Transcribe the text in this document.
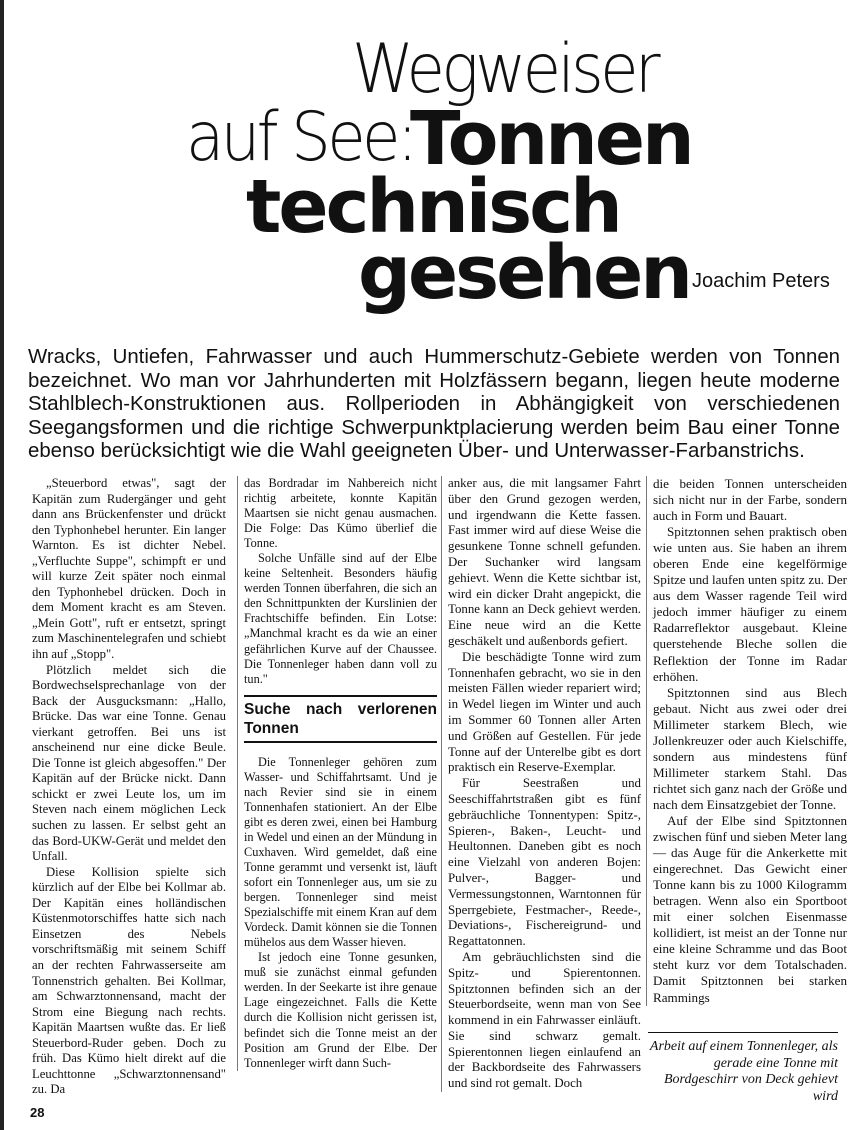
Wegweiser
auf See:
Tonnen
technisch
gesehen Joachim Peters

Wracks, Untiefen, Fahrwasser und auch Hummerschutz-Gebiete werden von Tonnen bezeichnet. Wo man vor Jahrhunderten mit Holzfässern begann, liegen heute moderne Stahlblech-Konstruktionen aus. Rollperioden in Abhängigkeit von verschiedenen Seegangsformen und die richtige Schwerpunktplacierung werden beim Bau einer Tonne ebenso berücksichtigt wie die Wahl geeigneten Über- und Unterwasser-Farbanstrichs.

„Steuerbord etwas", sagt der Kapitän zum Rudergänger und geht dann ans Brückenfenster und drückt den Typhonhebel herunter. Ein langer Warnton. Es ist dichter Nebel. „Verfluchte Suppe", schimpft er und will kurze Zeit später noch einmal den Typhonhebel drücken. Doch in dem Moment kracht es am Steven. „Mein Gott", ruft er entsetzt, springt zum Maschinentelegrafen und schiebt ihn auf „Stopp".

Plötzlich meldet sich die Bordwechselsprechanlage von der Back der Ausgucksmann: „Hallo, Brücke. Das war eine Tonne. Genau vierkant getroffen. Bei uns ist anscheinend nur eine dicke Beule. Die Tonne ist gleich abgesoffen." Der Kapitän auf der Brücke nickt. Dann schickt er zwei Leute los, um im Steven nach einem möglichen Leck suchen zu lassen. Er selbst geht an das Bord-UKW-Gerät und meldet den Unfall.

Diese Kollision spielte sich kürzlich auf der Elbe bei Kollmar ab. Der Kapitän eines holländischen Küstenmotorschiffes hatte sich nach Einsetzen des Nebels vorschriftsmäßig mit seinem Schiff an der rechten Fahrwasserseite am Tonnenstrich gehalten. Bei Kollmar, am Schwarztonnensand, macht der Strom eine Biegung nach rechts. Kapitän Maartsen wußte das. Er ließ Steuerbord-Ruder geben. Doch zu früh. Das Kümo hielt direkt auf die Leuchttonne „Schwarztonnensand" zu. Da

das Bordradar im Nahbereich nicht richtig arbeitete, konnte Kapitän Maartsen sie nicht genau ausmachen. Die Folge: Das Kümo überlief die Tonne.

Solche Unfälle sind auf der Elbe keine Seltenheit. Besonders häufig werden Tonnen überfahren, die sich an den Schnittpunkten der Kurslinien der Frachtschiffe befinden. Ein Lotse: „Manchmal kracht es da wie an einer gefährlichen Kurve auf der Chaussee. Die Tonnenleger haben dann voll zu tun."

Suche nach verlorenen Tonnen

Die Tonnenleger gehören zum Wasser- und Schiffahrtsamt. Und je nach Revier sind sie in einem Tonnenhafen stationiert. An der Elbe gibt es deren zwei, einen bei Hamburg in Wedel und einen an der Mündung in Cuxhaven. Wird gemeldet, daß eine Tonne gerammt und versenkt ist, läuft sofort ein Tonnenleger aus, um sie zu bergen. Tonnenleger sind meist Spezialschiffe mit einem Kran auf dem Vordeck. Damit können sie die Tonnen mühelos aus dem Wasser hieven.

Ist jedoch eine Tonne gesunken, muß sie zunächst einmal gefunden werden. In der Seekarte ist ihre genaue Lage eingezeichnet. Falls die Kette durch die Kollision nicht gerissen ist, befindet sich die Tonne meist an der Position am Grund der Elbe. Der Tonnenleger wirft dann Such-

anker aus, die mit langsamer Fahrt über den Grund gezogen werden, und irgendwann die Kette fassen. Fast immer wird auf diese Weise die gesunkene Tonne schnell gefunden. Der Suchanker wird langsam gehievt. Wenn die Kette sichtbar ist, wird ein dicker Draht angepickt, die Tonne kann an Deck gehievt werden. Eine neue wird an die Kette geschäkelt und außenbords gefiert.

Die beschädigte Tonne wird zum Tonnenhafen gebracht, wo sie in den meisten Fällen wieder repariert wird; in Wedel liegen im Winter und auch im Sommer 60 Tonnen aller Arten und Größen auf Gestellen. Für jede Tonne auf der Unterelbe gibt es dort praktisch ein Reserve-Exemplar.

Für Seestraßen und Seeschiffahrtstraßen gibt es fünf gebräuchliche Tonnentypen: Spitz-, Spieren-, Baken-, Leucht- und Heultonnen. Daneben gibt es noch eine Vielzahl von anderen Bojen: Pulver-, Bagger- und Vermessungstonnen, Warntonnen für Sperrgebiete, Festmacher-, Reede-, Deviations-, Fischereigrund- und Regattatonnen.

Am gebräuchlichsten sind die Spitz- und Spierentonnen. Spitztonnen befinden sich an der Steuerbordseite, wenn man von See kommend in ein Fahrwasser einläuft. Sie sind schwarz gemalt. Spierentonnen liegen einlaufend an der Backbordseite des Fahrwassers und sind rot gemalt. Doch

die beiden Tonnen unterscheiden sich nicht nur in der Farbe, sondern auch in Form und Bauart.

Spitztonnen sehen praktisch oben wie unten aus. Sie haben an ihrem oberen Ende eine kegelförmige Spitze und laufen unten spitz zu. Der aus dem Wasser ragende Teil wird jedoch immer häufiger zu einem Radarreflektor ausgebaut. Kleine querstehende Bleche sollen die Reflektion der Tonne im Radar erhöhen.

Spitztonnen sind aus Blech gebaut. Nicht aus zwei oder drei Millimeter starkem Blech, wie Jollenkreuzer oder auch Kielschiffe, sondern aus mindestens fünf Millimeter starkem Stahl. Das richtet sich ganz nach der Größe und nach dem Einsatzgebiet der Tonne.

Auf der Elbe sind Spitztonnen zwischen fünf und sieben Meter lang — das Auge für die Ankerkette mit eingerechnet. Das Gewicht einer Tonne kann bis zu 1000 Kilogramm betragen. Wenn also ein Sportboot mit einer solchen Eisenmasse kollidiert, ist meist an der Tonne nur eine kleine Schramme und das Boot steht kurz vor dem Totalschaden. Damit Spitztonnen bei starken Rammings

Arbeit auf einem Tonnenleger, als gerade eine Tonne mit Bordgeschirr von Deck gehievt wird
28
